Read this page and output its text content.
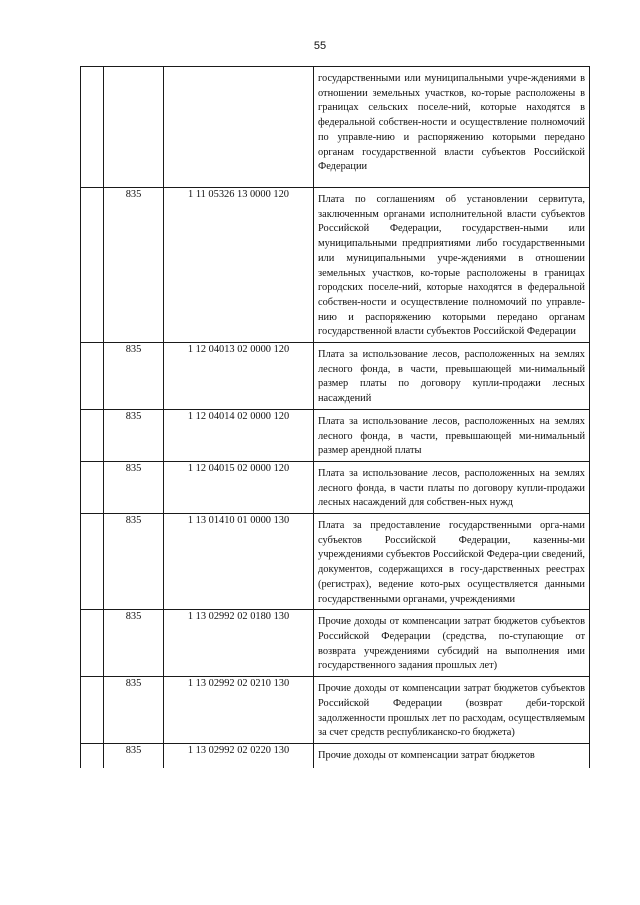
55

			государственными или муниципальными учре-ждениями в отношении земельных участков, ко-торые расположены в границах сельских поселе-ний, которые находятся в федеральной собствен-ности и осуществление полномочий по управле-нию и распоряжению которыми передано органам государственной власти субъектов Российской Федерации

	835	1 11 05326 13 0000 120	Плата по соглашениям об установлении сервитута, заключенным органами исполнительной власти субъектов Российской Федерации, государствен-ными или муниципальными предприятиями либо государственными или муниципальными учре-ждениями в отношении земельных участков, ко-торые расположены в границах городских поселе-ний, которые находятся в федеральной собствен-ности и осуществление полномочий по управле-нию и распоряжению которыми передано органам государственной власти субъектов Российской Федерации

	835	1 12 04013 02 0000 120	Плата за использование лесов, расположенных на землях лесного фонда, в части, превышающей ми-нимальный размер платы по договору купли-продажи лесных насаждений

	835	1 12 04014 02 0000 120	Плата за использование лесов, расположенных на землях лесного фонда, в части, превышающей ми-нимальный размер арендной платы

	835	1 12 04015 02 0000 120	Плата за использование лесов, расположенных на землях лесного фонда, в части платы по договору купли-продажи лесных насаждений для собствен-ных нужд

	835	1 13 01410 01 0000 130	Плата за предоставление государственными орга-нами субъектов Российской Федерации, казенны-ми учреждениями субъектов Российской Федера-ции сведений, документов, содержащихся в госу-дарственных реестрах (регистрах), ведение кото-рых осуществляется данными государственными органами, учреждениями

	835	1 13 02992 02 0180 130	Прочие доходы от компенсации затрат бюджетов субъектов Российской Федерации (средства, по-ступающие от возврата учреждениями субсидий на выполнения ими государственного задания прошлых лет)

	835	1 13 02992 02 0210 130	Прочие доходы от компенсации затрат бюджетов субъектов Российской Федерации (возврат деби-торской задолженности прошлых лет по расходам, осуществляемым за счет средств республиканско-го бюджета)

	835	1 13 02992 02 0220 130	Прочие доходы от компенсации затрат бюджетов
